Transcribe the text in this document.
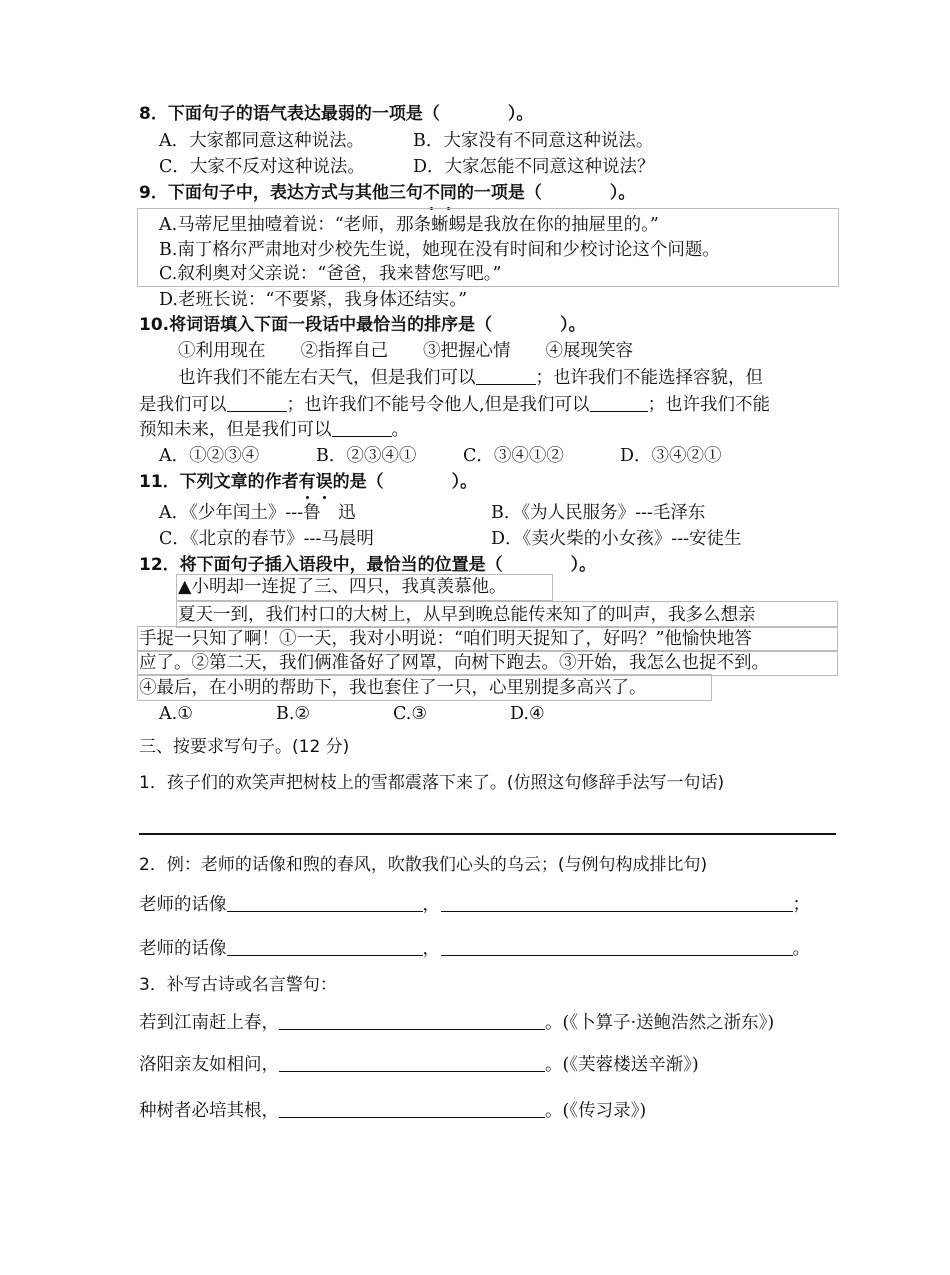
8．下面句子的语气表达最弱的一项是（　　　　）。
A．大家都同意这种说法。	B．大家没有不同意这种说法。
C．大家不反对这种说法。	D．大家怎能不同意这种说法？
9．下面句子中，表达方式与其他三句不同的一项是（　　　　）。
A.马蒂尼里抽噎着说：“老师，那条蜥蜴是我放在你的抽屉里的。”
B.南丁格尔严肃地对少校先生说，她现在没有时间和少校讨论这个问题。
C.叙利奥对父亲说：“爸爸，我来替您写吧。”
D.老班长说：“不要紧，我身体还结实。”
10.将词语填入下面一段话中最恰当的排序是（　　　　）。
①利用现在　　②指挥自己　　③把握心情　　④展现笑容
也许我们不能左右天气，但是我们可以	；也许我们不能选择容貌，但
是我们可以	；也许我们不能号令他人,但是我们可以	；也许我们不能
预知未来，但是我们可以	。
A．①②③④	B．②③④①	C．③④①②	D．③④②①
11．下列文章的作者有误的是（　　　　）。
A．《少年闰土》---鲁　迅	B．《为人民服务》---毛泽东
C．《北京的春节》---马晨明	D．《卖火柴的小女孩》---安徒生
12．将下面句子插入语段中，最恰当的位置是（　　　　）。
▲小明却一连捉了三、四只，我真羡慕他。
夏天一到，我们村口的大树上，从早到晚总能传来知了的叫声，我多么想亲
手捉一只知了啊！①一天，我对小明说：“咱们明天捉知了，好吗？”他愉快地答
应了。②第二天，我们俩准备好了网罩，向树下跑去。③开始，我怎么也捉不到。
④最后，在小明的帮助下，我也套住了一只，心里别提多高兴了。
A.①	B.②	C.③	D.④
三、按要求写句子。(12 分)
1．孩子们的欢笑声把树枝上的雪都震落下来了。(仿照这句修辞手法写一句话)
2．例：老师的话像和煦的春风，吹散我们心头的乌云；(与例句构成排比句)
老师的话像	，	；
老师的话像	，	。
3．补写古诗或名言警句：
若到江南赶上春，	。(《卜算子·送鲍浩然之浙东》)
洛阳亲友如相问，	。(《芙蓉楼送辛渐》)
种树者必培其根，	。(《传习录》)
